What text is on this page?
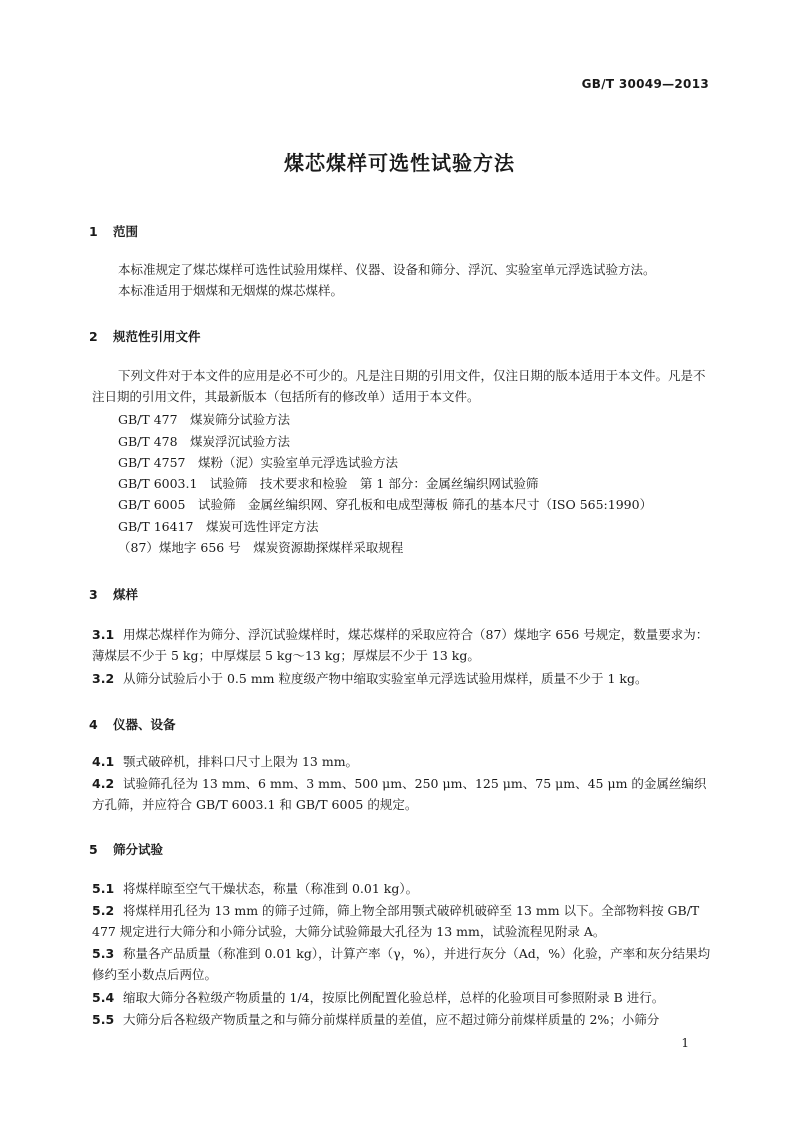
GB/T 30049—2013
煤芯煤样可选性试验方法
1 范围
本标准规定了煤芯煤样可选性试验用煤样、仪器、设备和筛分、浮沉、实验室单元浮选试验方法。
本标准适用于烟煤和无烟煤的煤芯煤样。
2 规范性引用文件
下列文件对于本文件的应用是必不可少的。凡是注日期的引用文件，仅注日期的版本适用于本文件。凡是不注日期的引用文件，其最新版本（包括所有的修改单）适用于本文件。
GB/T 477　煤炭筛分试验方法
GB/T 478　煤炭浮沉试验方法
GB/T 4757　煤粉（泥）实验室单元浮选试验方法
GB/T 6003.1　试验筛　技术要求和检验　第 1 部分：金属丝编织网试验筛
GB/T 6005　试验筛　金属丝编织网、穿孔板和电成型薄板 筛孔的基本尺寸（ISO 565:1990）
GB/T 16417　煤炭可选性评定方法
（87）煤地字 656 号　煤炭资源勘探煤样采取规程
3 煤样
3.1 用煤芯煤样作为筛分、浮沉试验煤样时，煤芯煤样的采取应符合（87）煤地字 656 号规定，数量要求为：薄煤层不少于 5 kg；中厚煤层 5 kg～13 kg；厚煤层不少于 13 kg。
3.2 从筛分试验后小于 0.5 mm 粒度级产物中缩取实验室单元浮选试验用煤样，质量不少于 1 kg。
4 仪器、设备
4.1 颚式破碎机，排料口尺寸上限为 13 mm。
4.2 试验筛孔径为 13 mm、6 mm、3 mm、500 μm、250 μm、125 μm、75 μm、45 μm 的金属丝编织方孔筛，并应符合 GB/T 6003.1 和 GB/T 6005 的规定。
5 筛分试验
5.1 将煤样晾至空气干燥状态，称量（称准到 0.01 kg）。
5.2 将煤样用孔径为 13 mm 的筛子过筛，筛上物全部用颚式破碎机破碎至 13 mm 以下。全部物料按 GB/T 477 规定进行大筛分和小筛分试验，大筛分试验筛最大孔径为 13 mm，试验流程见附录 A。
5.3 称量各产品质量（称准到 0.01 kg），计算产率（γ，%），并进行灰分（Ad，%）化验，产率和灰分结果均修约至小数点后两位。
5.4 缩取大筛分各粒级产物质量的 1/4，按原比例配置化验总样，总样的化验项目可参照附录 B 进行。
5.5 大筛分后各粒级产物质量之和与筛分前煤样质量的差值，应不超过筛分前煤样质量的 2%；小筛分
1
